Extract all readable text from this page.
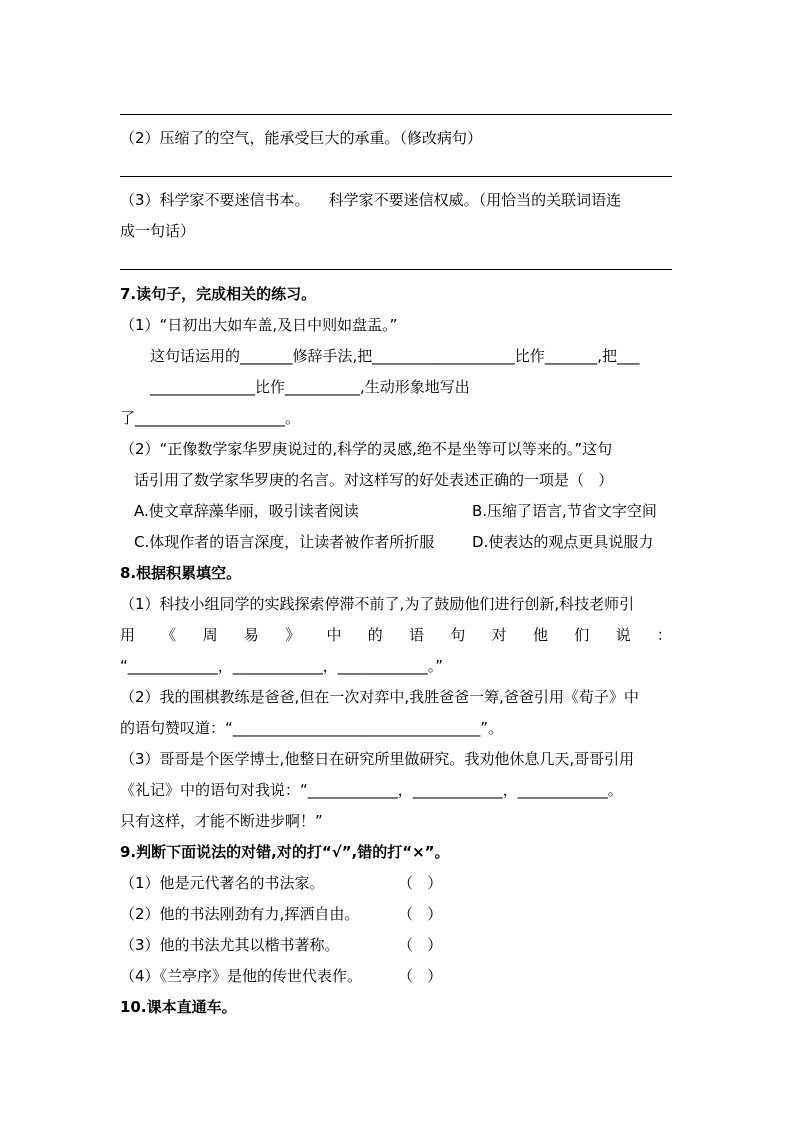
（2）压缩了的空气，能承受巨大的承重。（修改病句）
（3）科学家不要迷信书本。    科学家不要迷信权威。（用恰当的关联词语连
成一句话）
7.读句子，完成相关的练习。
（1）“日初出大如车盖,及日中则如盘盂。”
这句话运用的_______修辞手法,把___________________比作_______,把___
______________比作__________,生动形象地写出
了____________________。
（2）“正像数学家华罗庚说过的,科学的灵感,绝不是坐等可以等来的。”这句
话引用了数学家华罗庚的名言。对这样写的好处表述正确的一项是（   ）
A.使文章辞藻华丽，吸引读者阅读	B.压缩了语言,节省文字空间
C.体现作者的语言深度，让读者被作者所折服	D.使表达的观点更具说服力
8.根据积累填空。
（1）科技小组同学的实践探索停滞不前了,为了鼓励他们进行创新,科技老师引
用 《 周 易 》 中 的 语 句 对 他 们 说 ：
“____________，____________，____________。”
（2）我的围棋教练是爸爸,但在一次对弈中,我胜爸爸一筹,爸爸引用《荀子》中
的语句赞叹道：“_________________________________”。
（3）哥哥是个医学博士,他整日在研究所里做研究。我劝他休息几天,哥哥引用
《礼记》中的语句对我说：“____________，____________，____________。
只有这样，才能不断进步啊！”
9.判断下面说法的对错,对的打“√”,错的打“×”。
（1）他是元代著名的书法家。	（   ）
（2）他的书法刚劲有力,挥洒自由。	（   ）
（3）他的书法尤其以楷书著称。	（   ）
（4）《兰亭序》是他的传世代表作。 （   ）
10.课本直通车。
